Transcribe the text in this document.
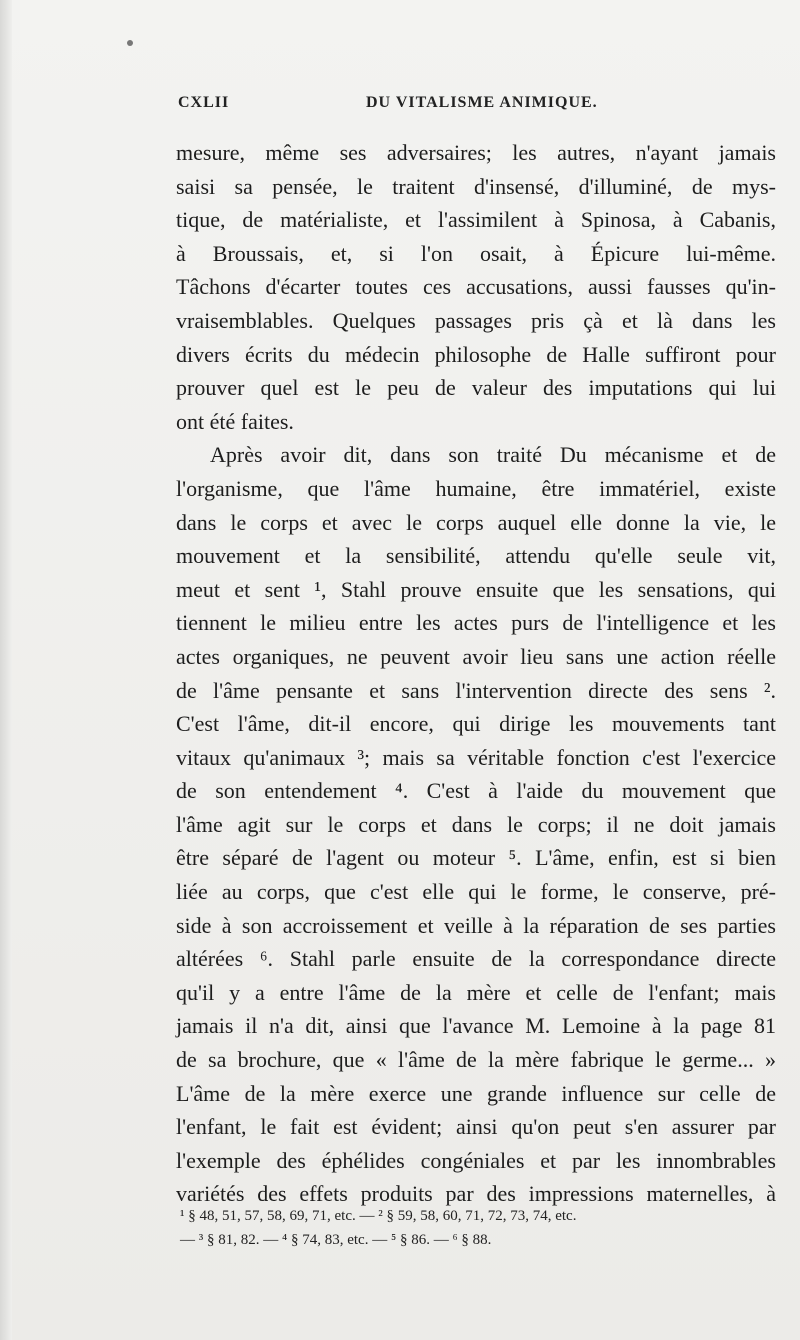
CXLII	DU VITALISME ANIMIQUE.

mesure, même ses adversaires; les autres, n'ayant jamais
saisi sa pensée, le traitent d'insensé, d'illuminé, de mys-
tique, de matérialiste, et l'assimilent à Spinosa, à Cabanis,
à Broussais, et, si l'on osait, à Épicure lui-même.
Tâchons d'écarter toutes ces accusations, aussi fausses qu'in-
vraisemblables. Quelques passages pris çà et là dans les
divers écrits du médecin philosophe de Halle suffiront pour
prouver quel est le peu de valeur des imputations qui lui
ont été faites.

Après avoir dit, dans son traité Du mécanisme et de
l'organisme, que l'âme humaine, être immatériel, existe
dans le corps et avec le corps auquel elle donne la vie, le
mouvement et la sensibilité, attendu qu'elle seule vit,
meut et sent ¹, Stahl prouve ensuite que les sensations, qui
tiennent le milieu entre les actes purs de l'intelligence et les
actes organiques, ne peuvent avoir lieu sans une action réelle
de l'âme pensante et sans l'intervention directe des sens ².
C'est l'âme, dit-il encore, qui dirige les mouvements tant
vitaux qu'animaux ³; mais sa véritable fonction c'est l'exercice
de son entendement ⁴. C'est à l'aide du mouvement que
l'âme agit sur le corps et dans le corps; il ne doit jamais
être séparé de l'agent ou moteur ⁵. L'âme, enfin, est si bien
liée au corps, que c'est elle qui le forme, le conserve, pré-
side à son accroissement et veille à la réparation de ses parties
altérées ⁶. Stahl parle ensuite de la correspondance directe
qu'il y a entre l'âme de la mère et celle de l'enfant; mais
jamais il n'a dit, ainsi que l'avance M. Lemoine à la page 81
de sa brochure, que « l'âme de la mère fabrique le germe... »
L'âme de la mère exerce une grande influence sur celle de
l'enfant, le fait est évident; ainsi qu'on peut s'en assurer par
l'exemple des éphélides congéniales et par les innombrables
variétés des effets produits par des impressions maternelles, à

¹ § 48, 51, 57, 58, 69, 71, etc. — ² § 59, 58, 60, 71, 72, 73, 74, etc.
— ³ § 81, 82. — ⁴ § 74, 83, etc. — ⁵ § 86. — ⁶ § 88.
